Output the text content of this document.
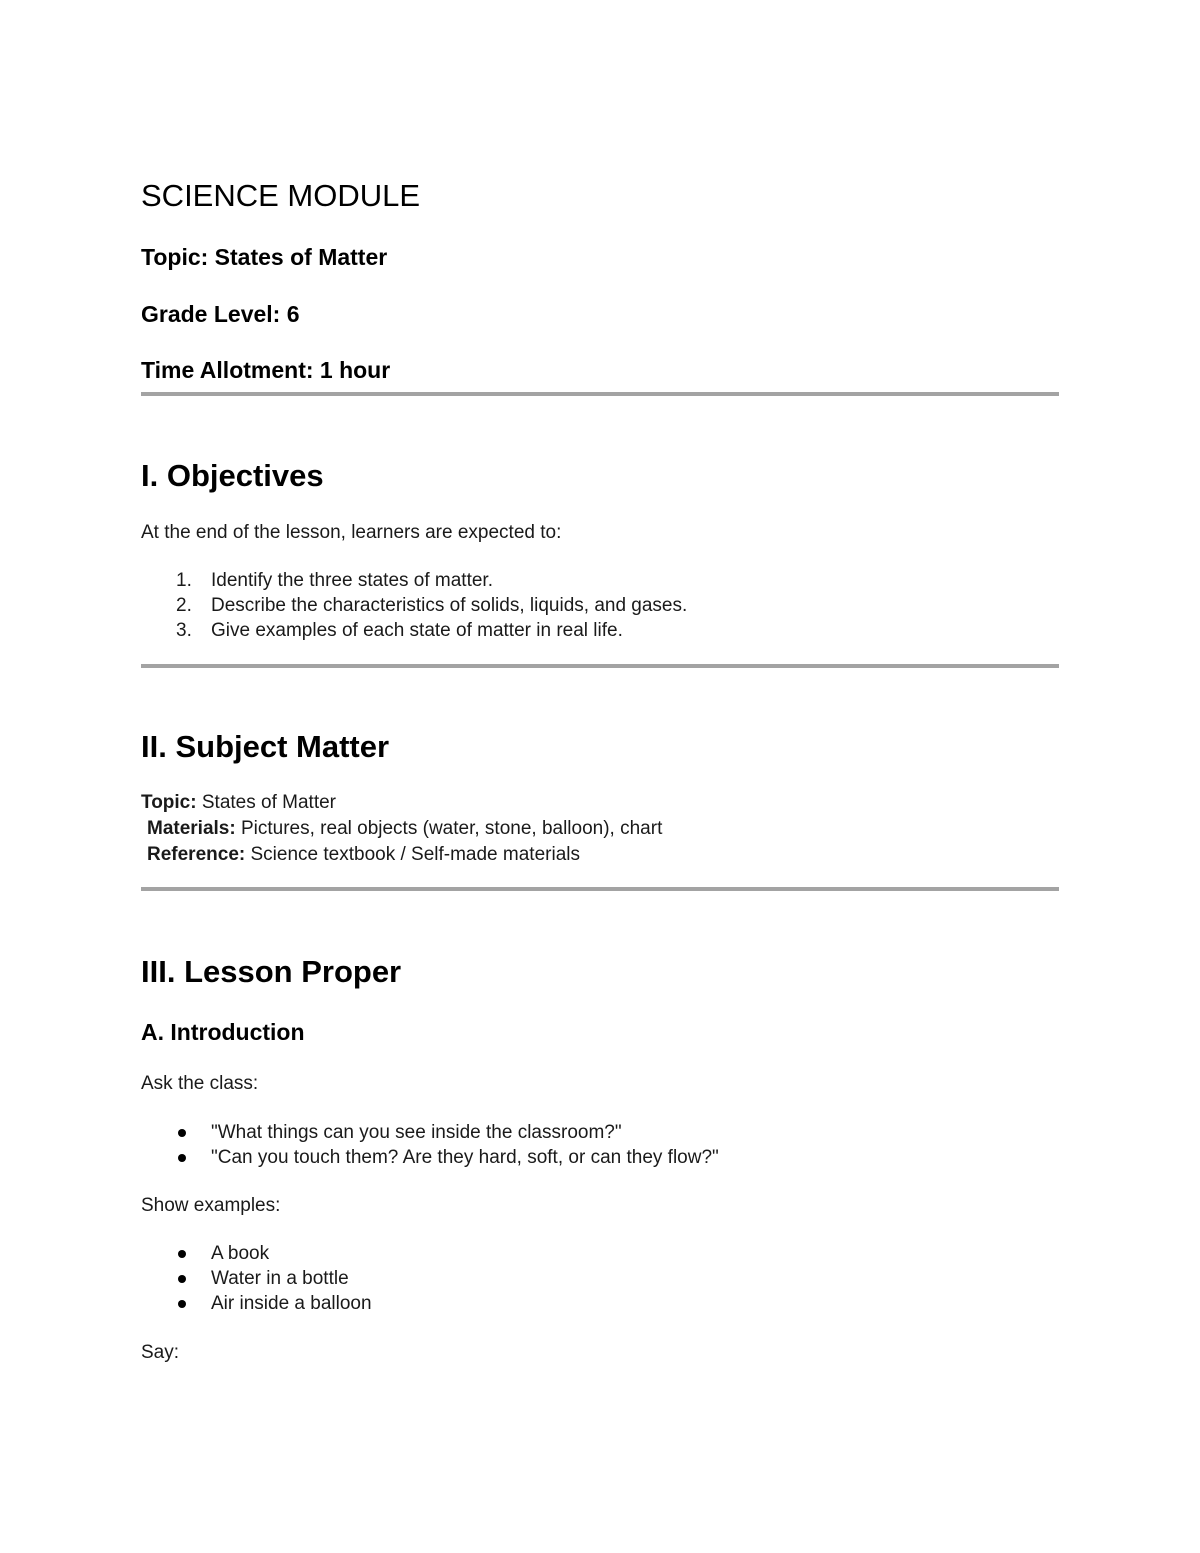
SCIENCE MODULE

Topic: States of Matter

Grade Level: 6

Time Allotment: 1 hour

I. Objectives

At the end of the lesson, learners are expected to:

1. Identify the three states of matter.
2. Describe the characteristics of solids, liquids, and gases.
3. Give examples of each state of matter in real life.
II. Subject Matter

Topic: States of Matter

Materials: Pictures, real objects (water, stone, balloon), chart

Reference: Science textbook / Self-made materials

III. Lesson Proper
A. Introduction

Ask the class:

"What things can you see inside the classroom?"
"Can you touch them? Are they hard, soft, or can they flow?"

Show examples:

A book
Water in a bottle
Air inside a balloon

Say:
